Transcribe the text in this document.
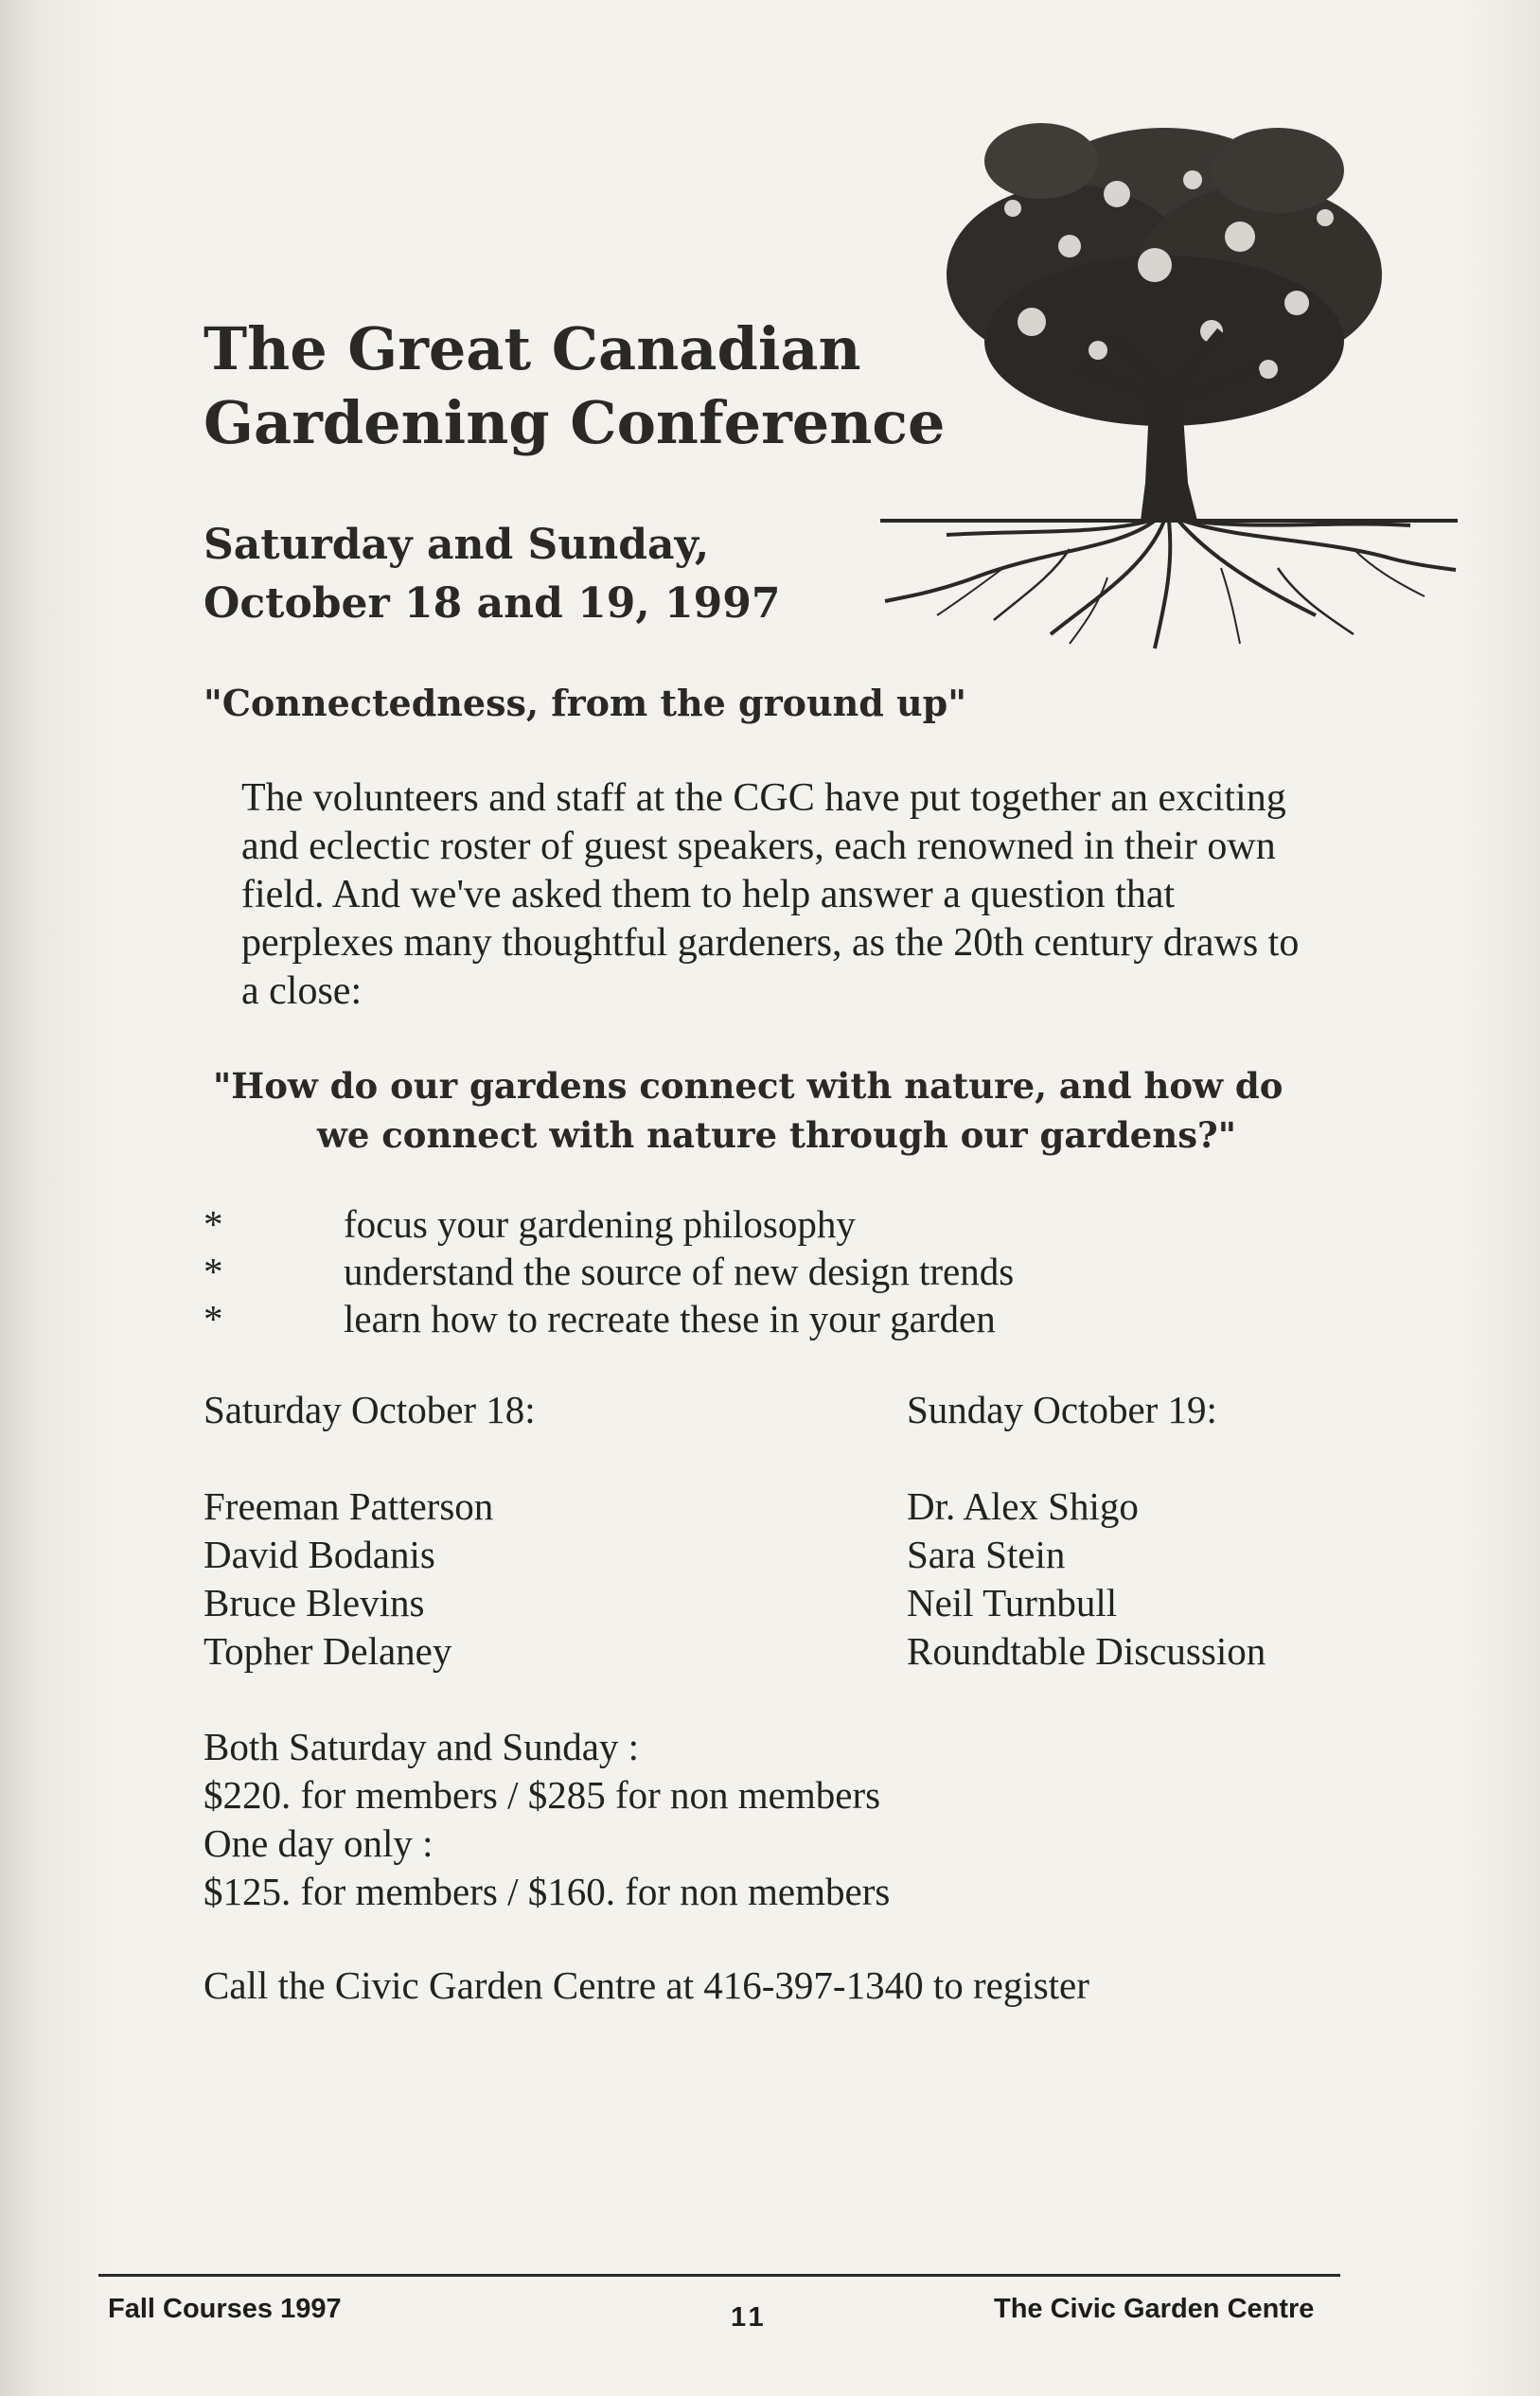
The Great Canadian
Gardening Conference
Saturday and Sunday,
October 18 and 19, 1997
"Connectedness, from the ground up"
The volunteers and staff at the CGC have put together an exciting
and eclectic roster of guest speakers, each renowned in their own
field. And we've asked them to help answer a question that
perplexes many thoughtful gardeners, as the 20th century draws to
a close:
"How do our gardens connect with nature, and how do
we connect with nature through our gardens?"
*	focus your gardening philosophy
*	understand the source of new design trends
*	learn how to recreate these in your garden
Saturday October 18:
Freeman Patterson
David Bodanis
Bruce Blevins
Topher Delaney
Sunday October 19:
Dr. Alex Shigo
Sara Stein
Neil Turnbull
Roundtable Discussion
Both Saturday and Sunday :
$220. for members / $285 for non members
One day only :
$125. for members / $160. for non members
Call the Civic Garden Centre at 416-397-1340 to register
Fall Courses 1997	11	The Civic Garden Centre
